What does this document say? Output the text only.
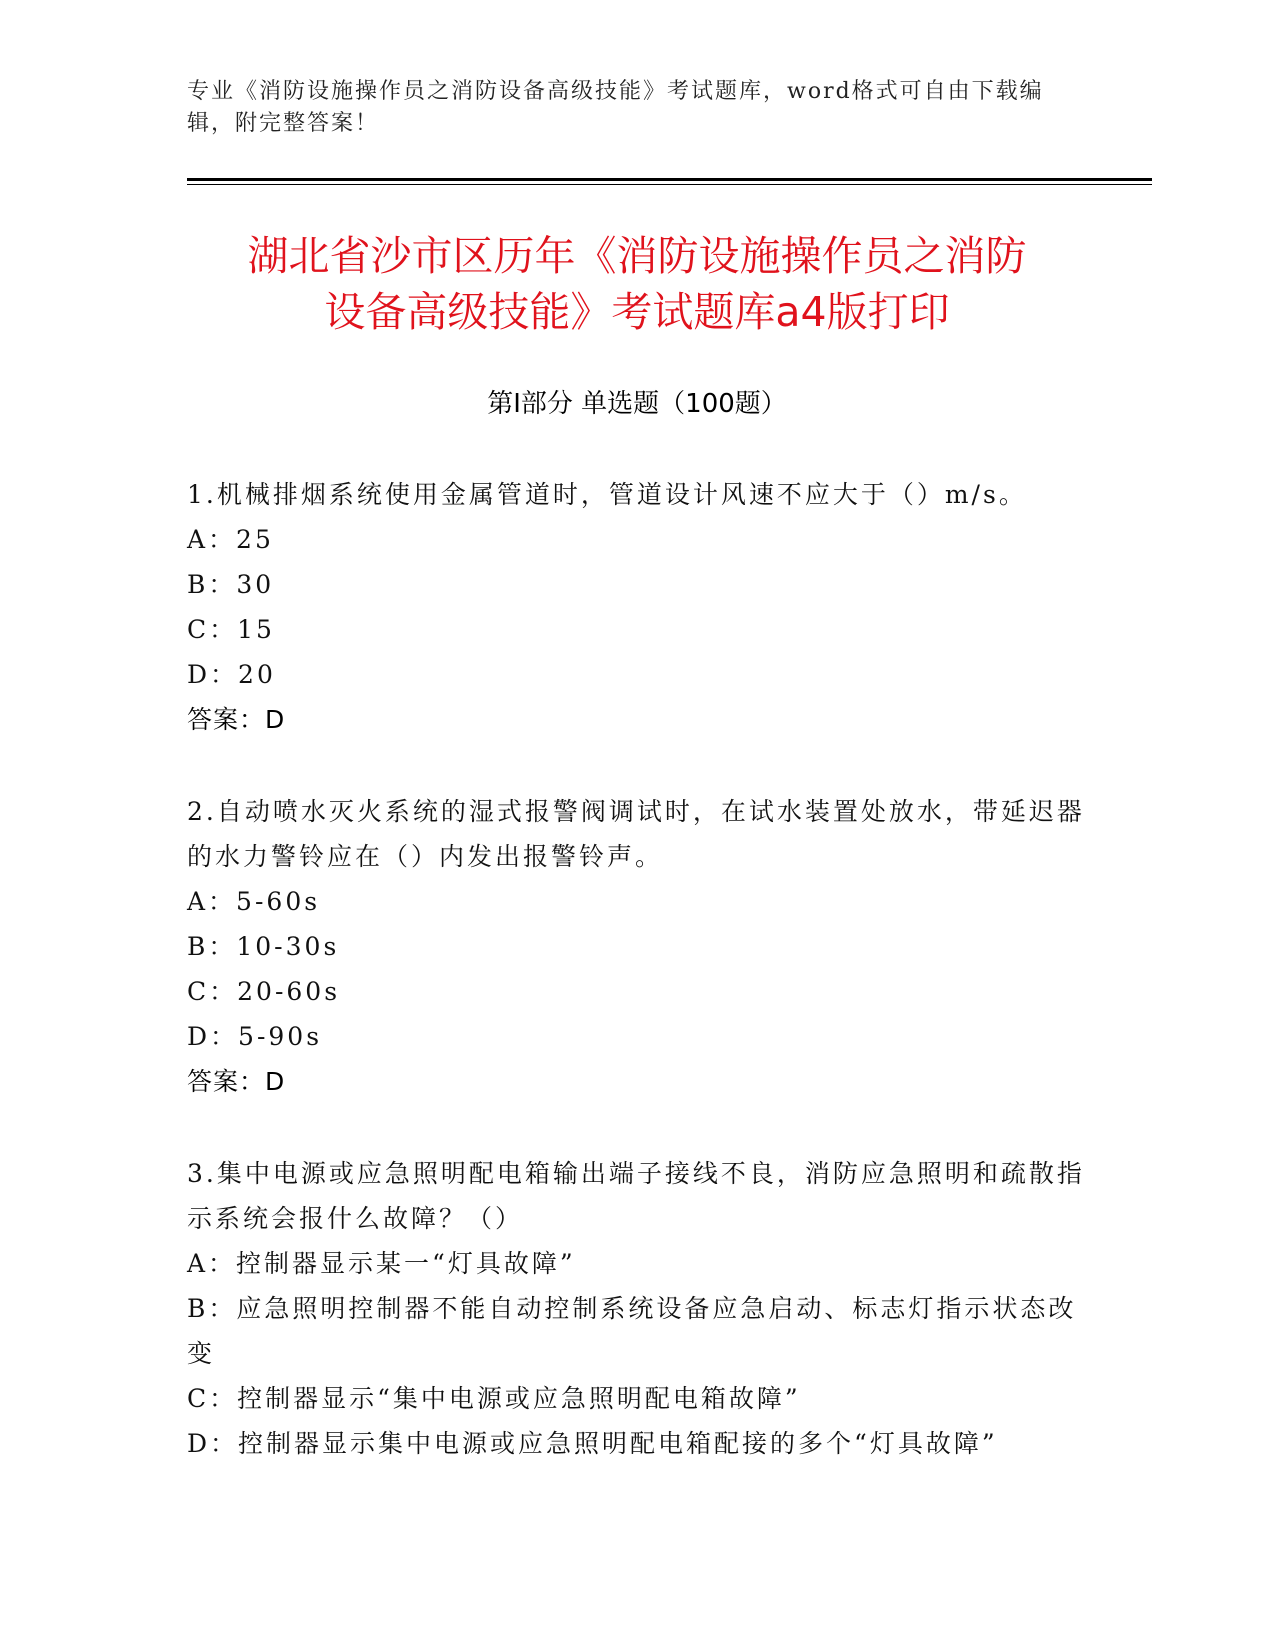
专业《消防设施操作员之消防设备高级技能》考试题库，word格式可自由下载编辑，附完整答案！
湖北省沙市区历年《消防设施操作员之消防
设备高级技能》考试题库a4版打印
第Ⅰ部分 单选题（100题）
1.机械排烟系统使用金属管道时，管道设计风速不应大于（）m/s。
A：25
B：30
C：15
D：20
答案：D
2.自动喷水灭火系统的湿式报警阀调试时，在试水装置处放水，带延迟器的水力警铃应在（）内发出报警铃声。
A：5-60s
B：10-30s
C：20-60s
D：5-90s
答案：D
3.集中电源或应急照明配电箱输出端子接线不良，消防应急照明和疏散指示系统会报什么故障？（）
A：控制器显示某一“灯具故障”
B：应急照明控制器不能自动控制系统设备应急启动、标志灯指示状态改变
C：控制器显示“集中电源或应急照明配电箱故障”
D：控制器显示集中电源或应急照明配电箱配接的多个“灯具故障”
